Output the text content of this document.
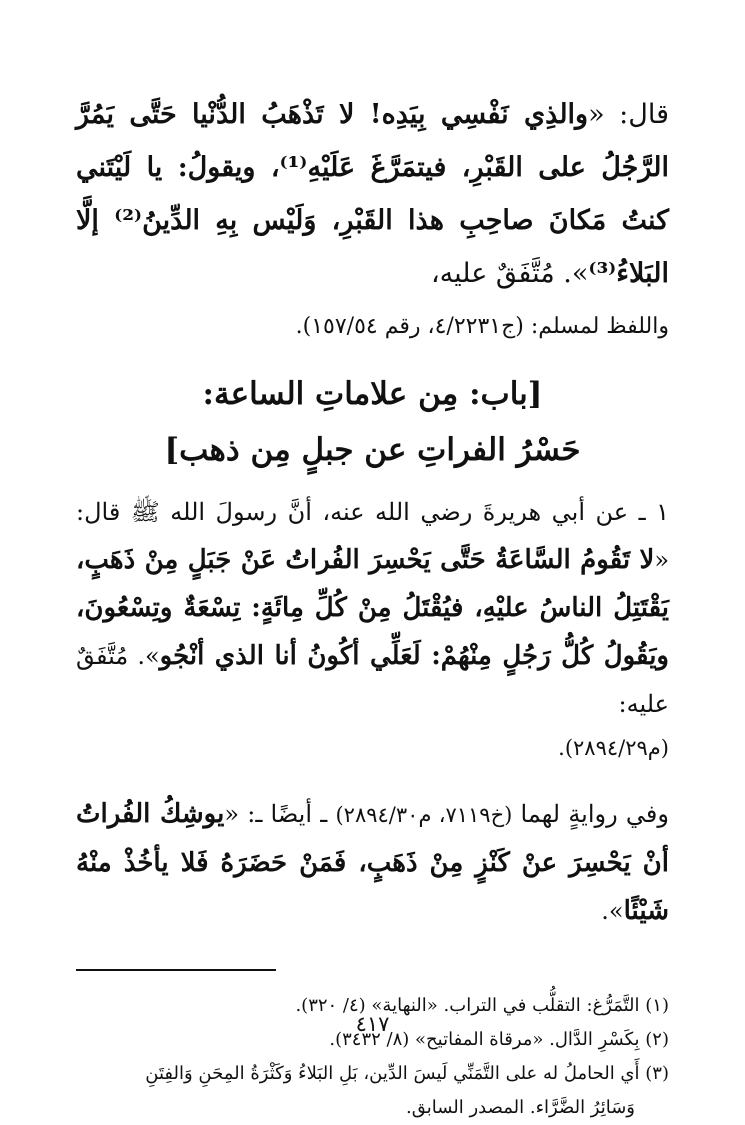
قال: «والذِي نَفْسِي بِيَدِه! لا تَذْهَبُ الدُّنْيا حَتَّى يَمُرَّ الرَّجُلُ على القَبْرِ، فيتمَرَّغَ عَلَيْهِ⁽¹⁾، ويقولُ: يا لَيْتَني كنتُ مَكانَ صاحِبِ هذا القَبْرِ، وَلَيْس بِهِ الدِّينُ⁽²⁾ إلَّا البَلاءُ⁽³⁾». مُتَّفَقٌ عليه،

واللفظ لمسلم: (ج٤/٢٢٣١، رقم ١٥٧/٥٤).

[باب: مِن علاماتِ الساعة:
حَسْرُ الفراتِ عن جبلٍ مِن ذهب]

١ ـ عن أبي هريرةَ رضي الله عنه، أنَّ رسولَ الله ﷺ قال: «لا تَقُومُ السَّاعَةُ حَتَّى يَحْسِرَ الفُراتُ عَنْ جَبَلٍ مِنْ ذَهَبٍ، يَقْتَتِلُ الناسُ عليْهِ، فيُقْتَلُ مِنْ كُلِّ مِائَةٍ: تِسْعَةٌ وتِسْعُونَ، ويَقُولُ كُلُّ رَجُلٍ مِنْهُمْ: لَعَلِّي أكُونُ أنا الذي أنْجُو». مُتَّفَقٌ عليه:

(م٢٨٩٤/٢٩).

وفي روايةٍ لهما (خ٧١١٩، م٢٨٩٤/٣٠) ـ أيضًا ـ: «يوشِكُ الفُراتُ أنْ يَحْسِرَ عنْ كَنْزٍ مِنْ ذَهَبٍ، فَمَنْ حَضَرَهُ فَلا يأخُذْ منْهُ شَيْئًا».

(١) التَّمَرُّغ: التقلُّب في التراب. «النهاية» (٤/ ٣٢٠).

(٢) بِكَسْرِ الدَّال. «مرقاة المفاتيح» (٨/ ٣٤٣٢).

(٣) أَي الحاملُ له على التَّمَنِّي لَيسَ الدِّين، بَلِ البَلاءُ وَكَثْرَةُ المِحَنِ وَالفِتَنِ

وَسَائِرُ الضَّرَّاء. المصدر السابق.

٤١٧
